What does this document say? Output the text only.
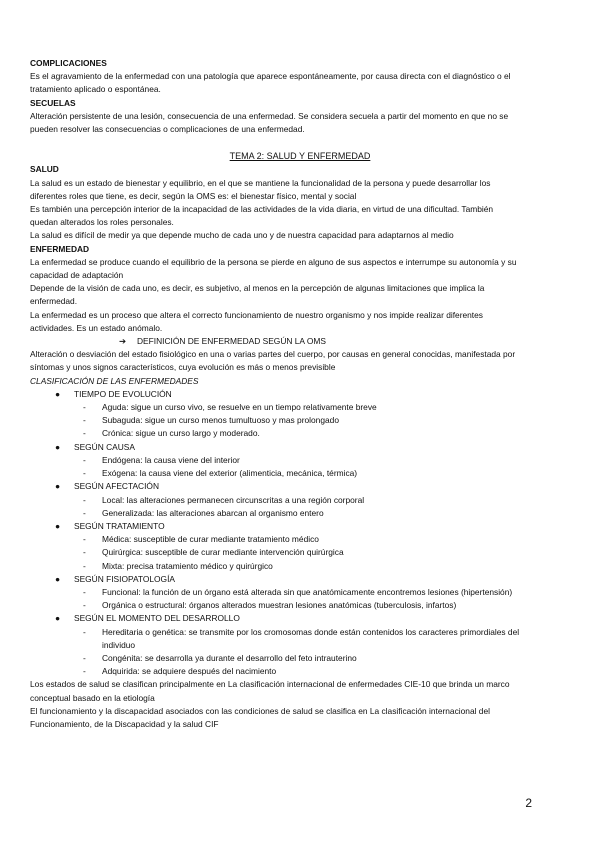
COMPLICACIONES
Es el agravamiento de la enfermedad con una patología que aparece espontáneamente, por causa directa con el diagnóstico o el
tratamiento aplicado o espontánea.
SECUELAS
Alteración persistente de una lesión, consecuencia de una enfermedad. Se considera secuela a partir del momento en que no se
pueden resolver las consecuencias o complicaciones de una enfermedad.
TEMA 2: SALUD Y ENFERMEDAD
SALUD
La salud es un estado de bienestar y equilibrio, en el que se mantiene la funcionalidad de la persona y puede desarrollar los
diferentes roles que tiene, es decir, según la OMS es: el bienestar físico, mental y social
Es también una percepción interior de la incapacidad de las actividades de la vida diaria, en virtud de una dificultad. También
quedan alterados los roles personales.
La salud es difícil de medir ya que depende mucho de cada uno y de nuestra capacidad para adaptarnos al medio
ENFERMEDAD
La enfermedad se produce cuando el equilibrio de la persona se pierde en alguno de sus aspectos e interrumpe su autonomía y su
capacidad de adaptación
Depende de la visión de cada uno, es decir, es subjetivo, al menos en la percepción de algunas limitaciones que implica la
enfermedad.
La enfermedad es un proceso que altera el correcto funcionamiento de nuestro organismo y nos impide realizar diferentes
actividades. Es un estado anómalo.
➔ DEFINICIÓN DE ENFERMEDAD SEGÚN LA OMS
Alteración o desviación del estado fisiológico en una o varias partes del cuerpo, por causas en general conocidas, manifestada por
síntomas y unos signos característicos, cuya evolución es más o menos previsible
CLASIFICACIÓN DE LAS ENFERMEDADES
● TIEMPO DE EVOLUCIÓN
- Aguda: sigue un curso vivo, se resuelve en un tiempo relativamente breve
- Subaguda: sigue un curso menos tumultuoso y mas prolongado
- Crónica: sigue un curso largo y moderado.
● SEGÚN CAUSA
- Endógena: la causa viene del interior
- Exógena: la causa viene del exterior (alimenticia, mecánica, térmica)
● SEGÚN AFECTACIÓN
- Local: las alteraciones permanecen circunscritas a una región corporal
- Generalizada: las alteraciones abarcan al organismo entero
● SEGÚN TRATAMIENTO
- Médica: susceptible de curar mediante tratamiento médico
- Quirúrgica: susceptible de curar mediante intervención quirúrgica
- Mixta: precisa tratamiento médico y quirúrgico
● SEGÚN FISIOPATOLOGÍA
- Funcional: la función de un órgano está alterada sin que anatómicamente encontremos lesiones (hipertensión)
- Orgánica o estructural: órganos alterados muestran lesiones anatómicas (tuberculosis, infartos)
● SEGÚN EL MOMENTO DEL DESARROLLO
- Hereditaria o genética: se transmite por los cromosomas donde están contenidos los caracteres primordiales del
individuo
- Congénita: se desarrolla ya durante el desarrollo del feto intrauterino
- Adquirida: se adquiere después del nacimiento
Los estados de salud se clasifican principalmente en La clasificación internacional de enfermedades CIE-10 que brinda un marco
conceptual basado en la etiología
El funcionamiento y la discapacidad asociados con las condiciones de salud se clasifica en La clasificación internacional del
Funcionamiento, de la Discapacidad y la salud CIF
2
